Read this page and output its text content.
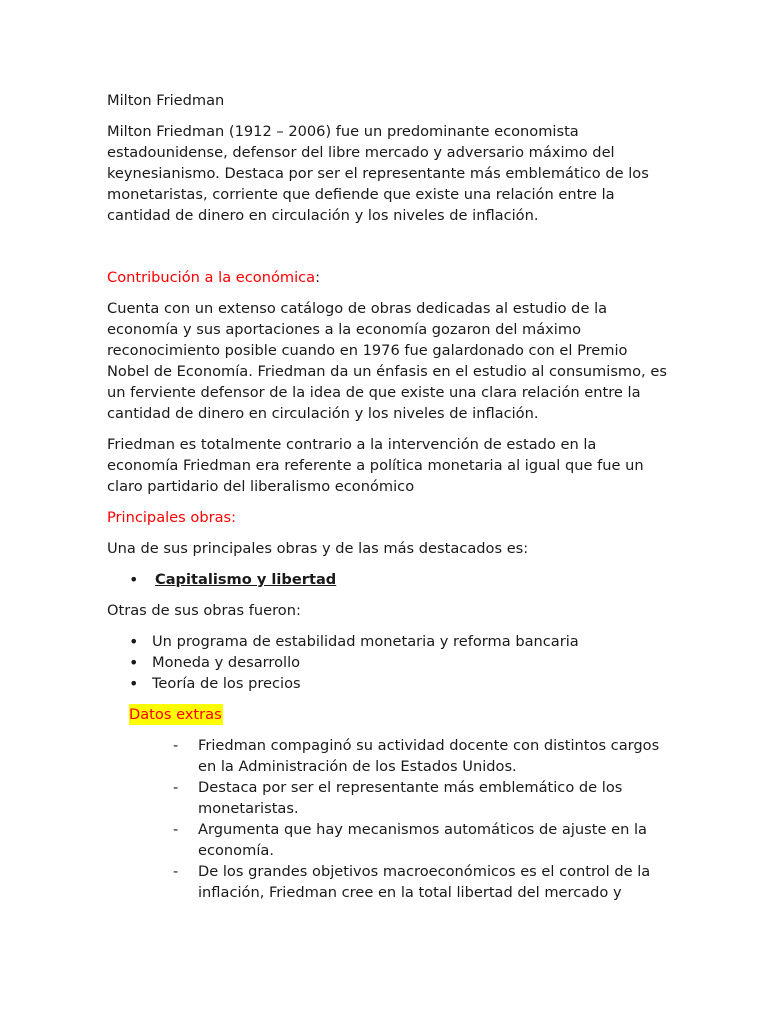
Milton Friedman

Milton Friedman (1912 – 2006) fue un predominante economista estadounidense, defensor del libre mercado y adversario máximo del keynesianismo. Destaca por ser el representante más emblemático de los monetaristas, corriente que defiende que existe una relación entre la cantidad de dinero en circulación y los niveles de inflación.

Contribución a la económica:

Cuenta con un extenso catálogo de obras dedicadas al estudio de la economía y sus aportaciones a la economía gozaron del máximo reconocimiento posible cuando en 1976 fue galardonado con el Premio Nobel de Economía. Friedman da un énfasis en el estudio al consumismo, es un ferviente defensor de la idea de que existe una clara relación entre la cantidad de dinero en circulación y los niveles de inflación.

Friedman es totalmente contrario a la intervención de estado en la economía Friedman era referente a política monetaria al igual que fue un claro partidario del liberalismo económico

Principales obras:

Una de sus principales obras y de las más destacados es:

• Capitalismo y libertad

Otras de sus obras fueron:

• Un programa de estabilidad monetaria y reforma bancaria
• Moneda y desarrollo
• Teoría de los precios

Datos extras

- Friedman compaginó su actividad docente con distintos cargos en la Administración de los Estados Unidos.
- Destaca por ser el representante más emblemático de los monetaristas.
- Argumenta que hay mecanismos automáticos de ajuste en la economía.
- De los grandes objetivos macroeconómicos es el control de la inflación, Friedman cree en la total libertad del mercado y
